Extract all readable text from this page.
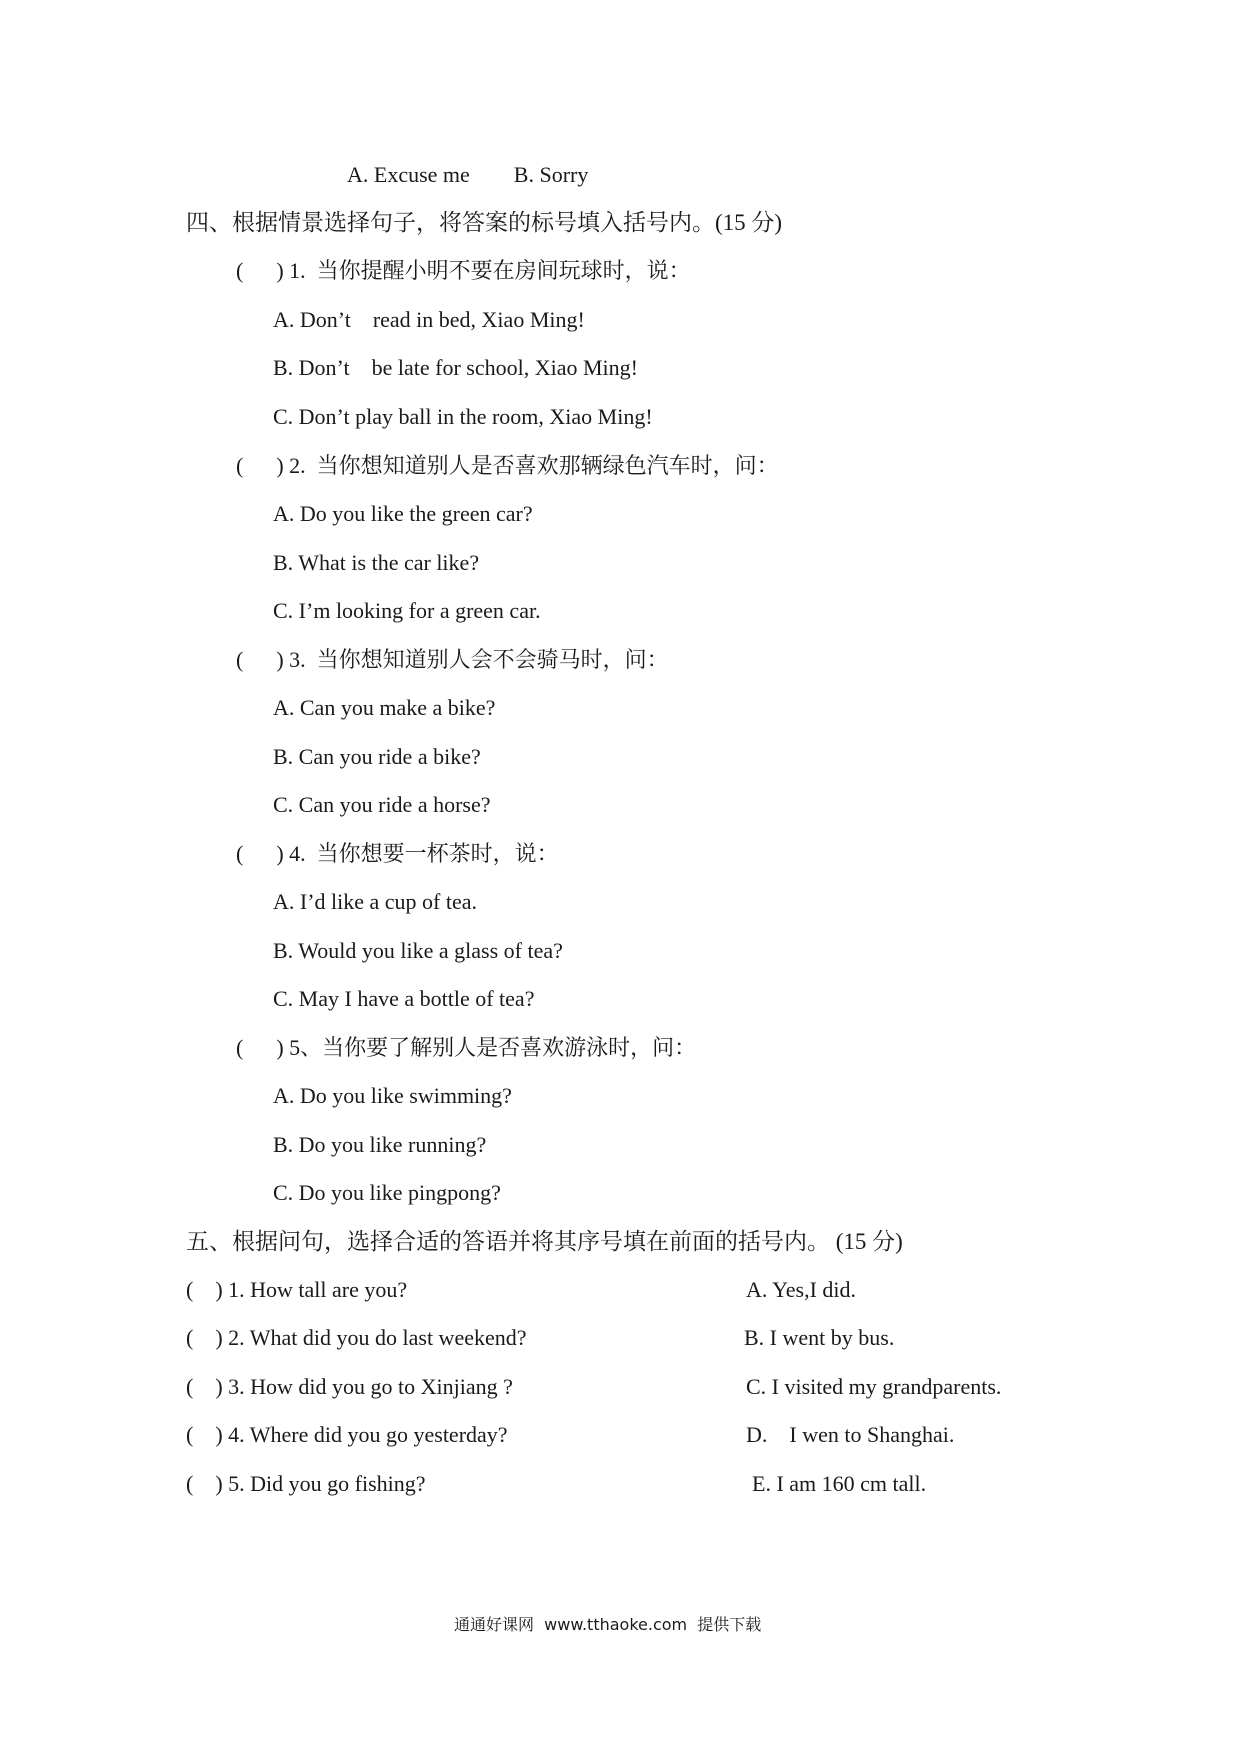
A. Excuse me        B. Sorry
四、根据情景选择句子，将答案的标号填入括号内。(15 分)
(      ) 1.  当你提醒小明不要在房间玩球时，说：
A. Don’t    read in bed, Xiao Ming!
B. Don’t    be late for school, Xiao Ming!
C. Don’t play ball in the room, Xiao Ming!
(      ) 2.  当你想知道别人是否喜欢那辆绿色汽车时，问：
A. Do you like the green car?
B. What is the car like?
C. I’m looking for a green car.
(      ) 3.  当你想知道别人会不会骑马时，问：
A. Can you make a bike?
B. Can you ride a bike?
C. Can you ride a horse?
(      ) 4.  当你想要一杯茶时，说：
A. I’d like a cup of tea.
B. Would you like a glass of tea?
C. May I have a bottle of tea?
(      ) 5、当你要了解别人是否喜欢游泳时，问：
A. Do you like swimming?
B. Do you like running?
C. Do you like pingpong?
五、根据问句，选择合适的答语并将其序号填在前面的括号内。 (15 分)
(    ) 1. How tall are you?	A. Yes,I did.
(    ) 2. What did you do last weekend?	B. I went by bus.
(    ) 3. How did you go to Xinjiang ?	C. I visited my grandparents.
(    ) 4. Where did you go yesterday?	D.    I wen to Shanghai.
(    ) 5. Did you go fishing?	E. I am 160 cm tall.
通通好课网  www.tthaoke.com  提供下载
